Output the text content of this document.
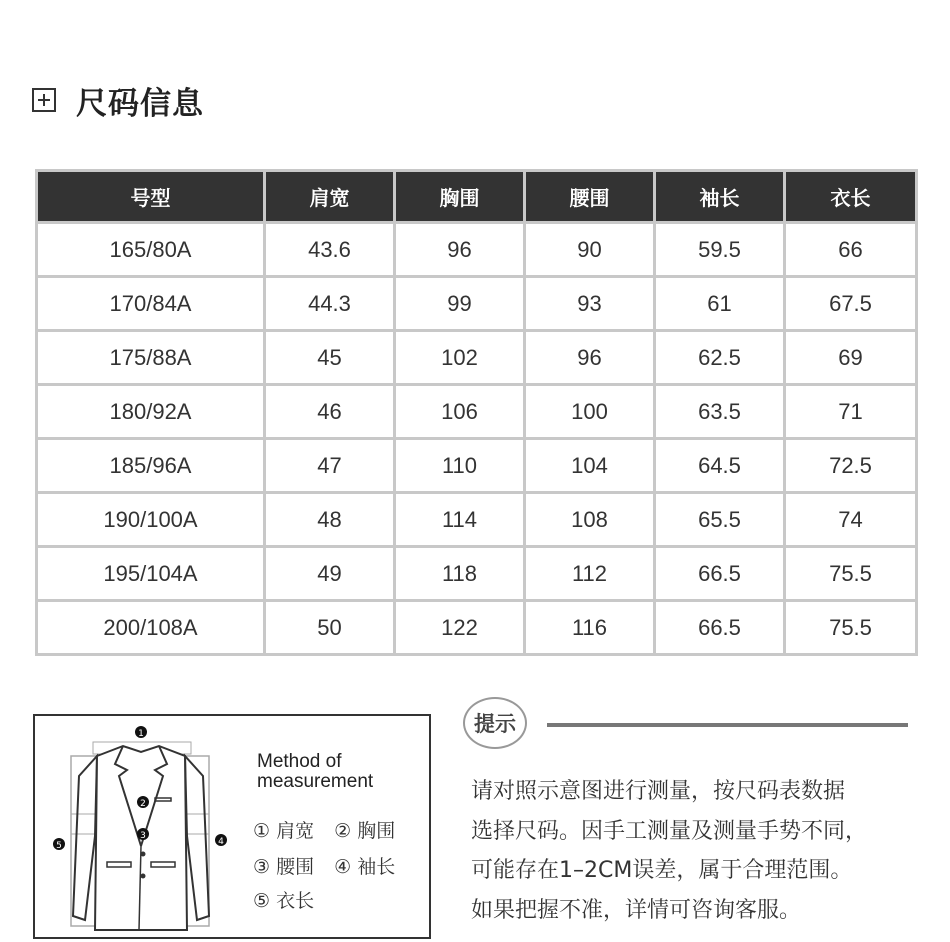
尺码信息
号型	肩宽	胸围	腰围	袖长	衣长
165/80A	43.6	96	90	59.5	66
170/84A	44.3	99	93	61	67.5
175/88A	45	102	96	62.5	69
180/92A	46	106	100	63.5	71
185/96A	47	110	104	64.5	72.5
190/100A	48	114	108	65.5	74
195/104A	49	118	112	66.5	75.5
200/108A	50	122	116	66.5	75.5
1
2
3
4
5
Method of
measurement
① 肩宽 ② 胸围
③ 腰围 ④ 袖长
⑤ 衣长
提示
请对照示意图进行测量，按尺码表数据
选择尺码。因手工测量及测量手势不同，
可能存在1–2CM误差，属于合理范围。
如果把握不准，详情可咨询客服。
